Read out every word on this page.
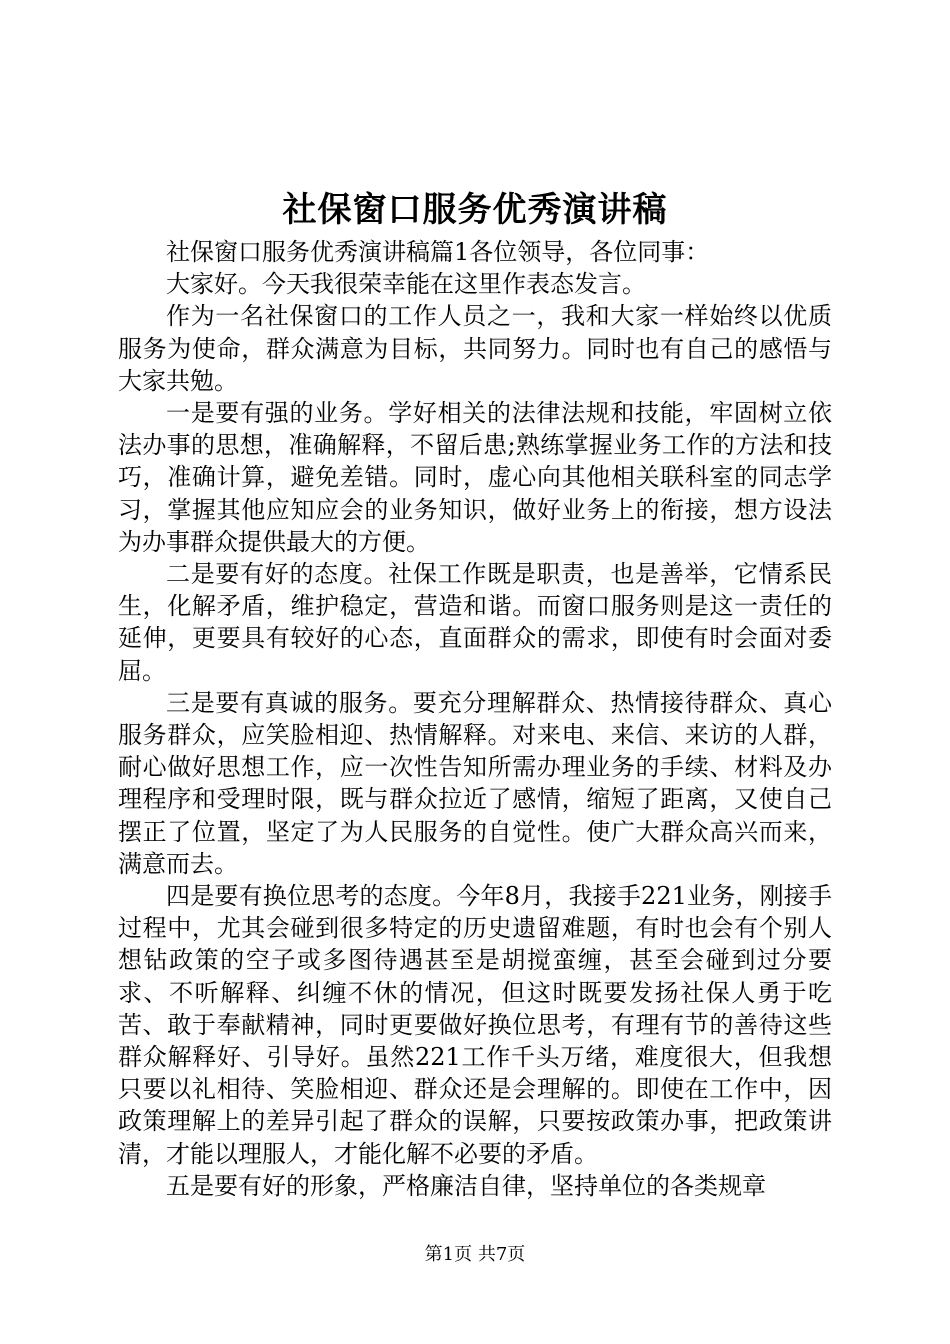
社保窗口服务优秀演讲稿

社保窗口服务优秀演讲稿篇1各位领导，各位同事：

大家好。今天我很荣幸能在这里作表态发言。

作为一名社保窗口的工作人员之一，我和大家一样始终以优质服务为使命，群众满意为目标，共同努力。同时也有自己的感悟与大家共勉。

一是要有强的业务。学好相关的法律法规和技能，牢固树立依法办事的思想，准确解释，不留后患;熟练掌握业务工作的方法和技巧，准确计算，避免差错。同时，虚心向其他相关联科室的同志学习，掌握其他应知应会的业务知识，做好业务上的衔接，想方设法为办事群众提供最大的方便。

二是要有好的态度。社保工作既是职责，也是善举，它情系民生，化解矛盾，维护稳定，营造和谐。而窗口服务则是这一责任的延伸，更要具有较好的心态，直面群众的需求，即使有时会面对委屈。

三是要有真诚的服务。要充分理解群众、热情接待群众、真心服务群众，应笑脸相迎、热情解释。对来电、来信、来访的人群，耐心做好思想工作，应一次性告知所需办理业务的手续、材料及办理程序和受理时限，既与群众拉近了感情，缩短了距离，又使自己摆正了位置，坚定了为人民服务的自觉性。使广大群众高兴而来，满意而去。

四是要有换位思考的态度。今年8月，我接手221业务，刚接手过程中，尤其会碰到很多特定的历史遗留难题，有时也会有个别人想钻政策的空子或多图待遇甚至是胡搅蛮缠，甚至会碰到过分要求、不听解释、纠缠不休的情况，但这时既要发扬社保人勇于吃苦、敢于奉献精神，同时更要做好换位思考，有理有节的善待这些群众解释好、引导好。虽然221工作千头万绪，难度很大，但我想只要以礼相待、笑脸相迎、群众还是会理解的。即使在工作中，因政策理解上的差异引起了群众的误解，只要按政策办事，把政策讲清，才能以理服人，才能化解不必要的矛盾。

五是要有好的形象，严格廉洁自律，坚持单位的各类规章

第1页 共7页
